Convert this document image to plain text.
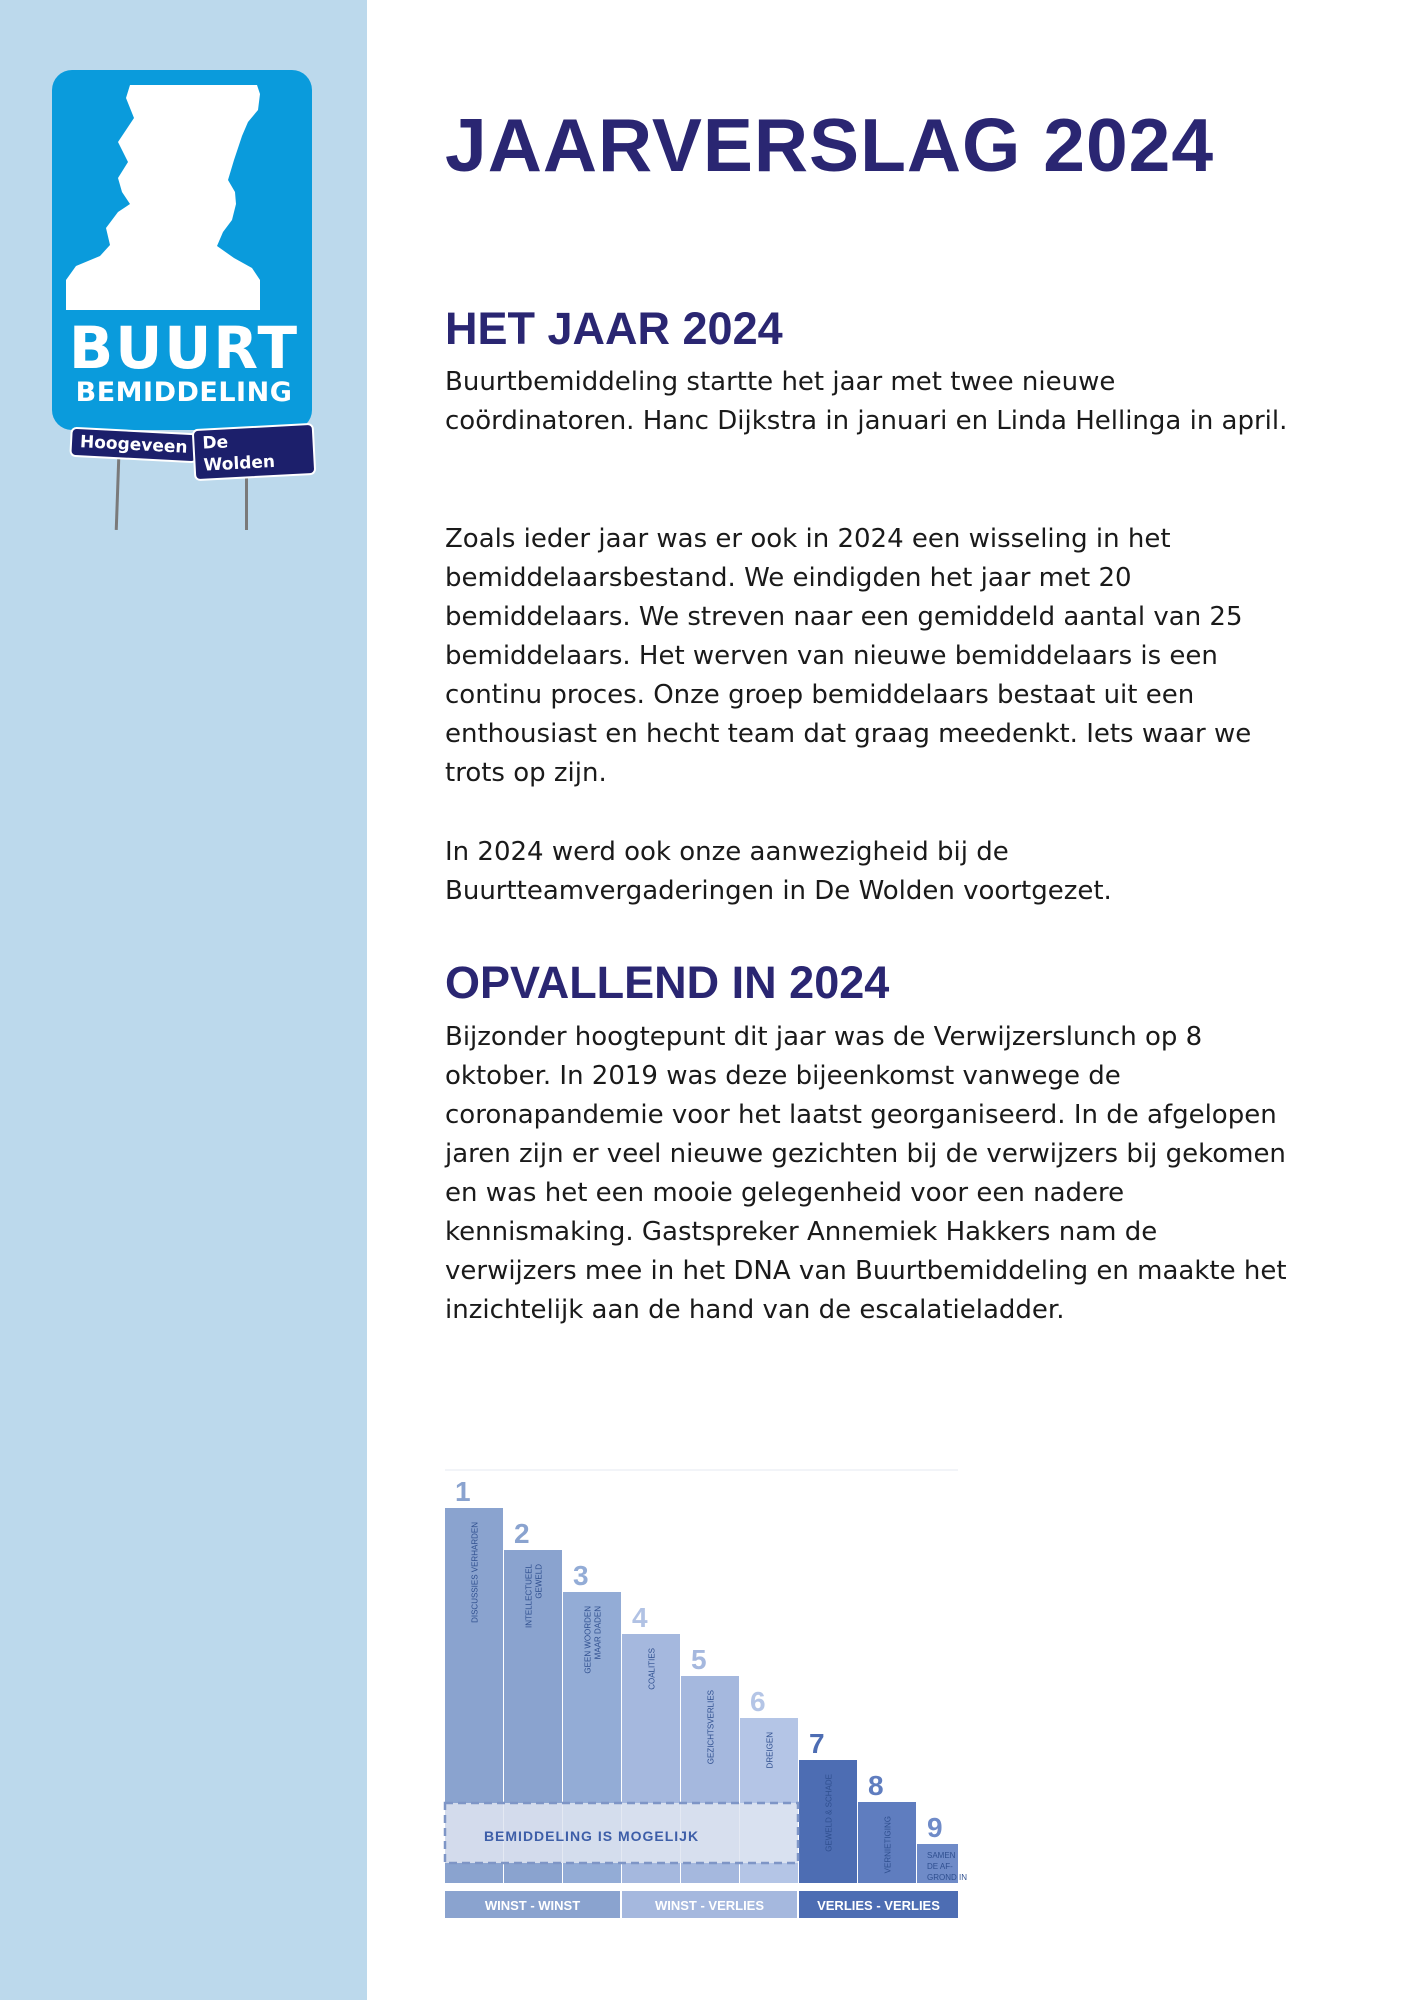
BUURT
BEMIDDELING
Hoogeveen De Wolden
JAARVERSLAG 2024
HET JAAR 2024

Buurtbemiddeling startte het jaar met twee nieuwe coördinatoren. Hanc Dijkstra in januari en Linda Hellinga in april.

Zoals ieder jaar was er ook in 2024 een wisseling in het bemiddelaarsbestand. We eindigden het jaar met 20 bemiddelaars. We streven naar een gemiddeld aantal van 25 bemiddelaars. Het werven van nieuwe bemiddelaars is een continu proces. Onze groep bemiddelaars bestaat uit een enthousiast en hecht team dat graag meedenkt. Iets waar we trots op zijn.

In 2024 werd ook onze aanwezigheid bij de Buurtteamvergaderingen in De Wolden voortgezet.

OPVALLEND IN 2024

Bijzonder hoogtepunt dit jaar was de Verwijzerslunch op 8 oktober. In 2019 was deze bijeenkomst vanwege de coronapandemie voor het laatst georganiseerd. In de afgelopen jaren zijn er veel nieuwe gezichten bij de verwijzers bij gekomen en was het een mooie gelegenheid voor een nadere kennismaking. Gastspreker Annemiek Hakkers nam de verwijzers mee in het DNA van Buurtbemiddeling en maakte het inzichtelijk aan de hand van de escalatieladder.

1
DISCUSSIES VERHARDEN 2
INTELLECTUEEL GEWELD 3
GEEN WOORDEN MAAR DADEN 4
COALITIES 5
GEZICHTSVERLIES 6
DREIGEN 7
GEWELD & SCHADE 8
VERNIETIGING 9
SAMEN
DE AF-
GROND IN
BEMIDDELING IS MOGELIJK
WINST - WINST	WINST - VERLIES	VERLIES - VERLIES
